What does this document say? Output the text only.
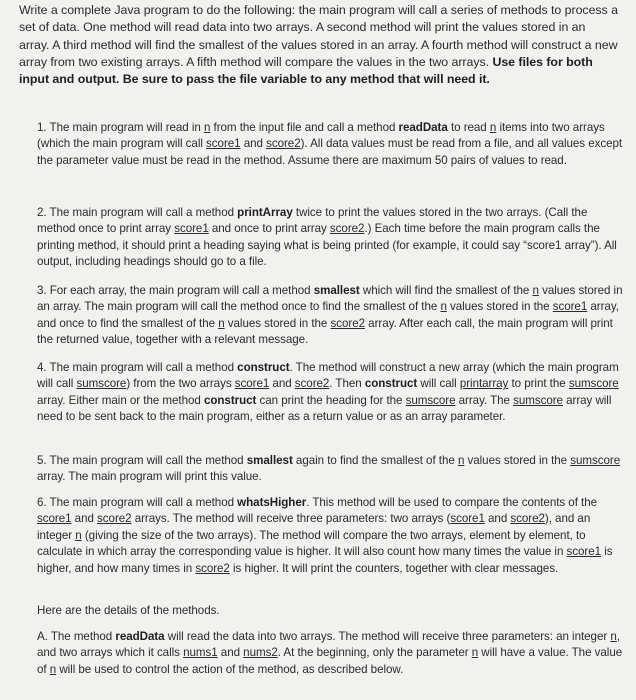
Write a complete Java program to do the following: the main program will call a series of methods to process a set of data. One method will read data into two arrays. A second method will print the values stored in an array. A third method will find the smallest of the values stored in an array. A fourth method will construct a new array from two existing arrays. A fifth method will compare the values in the two arrays. Use files for both input and output. Be sure to pass the file variable to any method that will need it.

1. The main program will read in n from the input file and call a method readData to read n items into two arrays (which the main program will call score1 and score2). All data values must be read from a file, and all values except the parameter value must be read in the method. Assume there are maximum 50 pairs of values to read.

2. The main program will call a method printArray twice to print the values stored in the two arrays. (Call the method once to print array score1 and once to print array score2.) Each time before the main program calls the printing method, it should print a heading saying what is being printed (for example, it could say “score1 array”). All output, including headings should go to a file.

3. For each array, the main program will call a method smallest which will find the smallest of the n values stored in an array. The main program will call the method once to find the smallest of the n values stored in the score1 array, and once to find the smallest of the n values stored in the score2 array. After each call, the main program will print the returned value, together with a relevant message.

4. The main program will call a method construct. The method will construct a new array (which the main program will call sumscore) from the two arrays score1 and score2. Then construct will call printarray to print the sumscore array. Either main or the method construct can print the heading for the sumscore array. The sumscore array will need to be sent back to the main program, either as a return value or as an array parameter.

5. The main program will call the method smallest again to find the smallest of the n values stored in the sumscore array. The main program will print this value.

6. The main program will call a method whatsHigher. This method will be used to compare the contents of the score1 and score2 arrays. The method will receive three parameters: two arrays (score1 and score2), and an integer n (giving the size of the two arrays). The method will compare the two arrays, element by element, to calculate in which array the corresponding value is higher. It will also count how many times the value in score1 is higher, and how many times in score2 is higher. It will print the counters, together with clear messages.

Here are the details of the methods.

A. The method readData will read the data into two arrays. The method will receive three parameters: an integer n, and two arrays which it calls nums1 and nums2. At the beginning, only the parameter n will have a value. The value of n will be used to control the action of the method, as described below.
